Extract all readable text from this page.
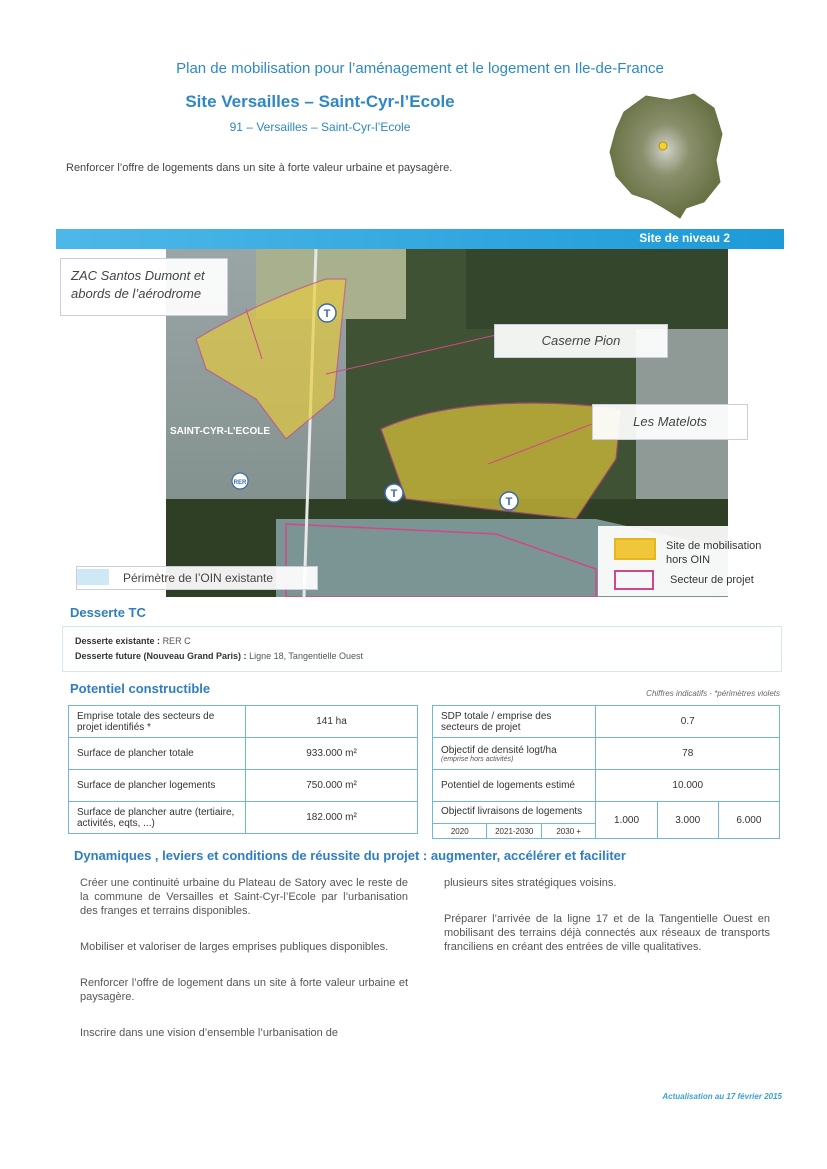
Plan de mobilisation pour l’aménagement et le logement en Ile-de-France
Site Versailles – Saint-Cyr-l’Ecole
91 – Versailles – Saint-Cyr-l’Ecole
Renforcer l’offre de logements dans un site à forte valeur urbaine et paysagère.
Site de niveau 2
T
T
T
RER
SAINT-CYR-L’ECOLE
ZAC Santos Dumont et
abords de l’aérodrome
Caserne Pion
Les Matelots
Périmètre de l’OIN existante
Site de mobilisation
hors OIN
Secteur de projet
Desserte TC
Desserte existante : RER C
Desserte future (Nouveau Grand Paris) : Ligne 18, Tangentielle Ouest
Potentiel constructible	Chiffres indicatifs - *périmètres violets
Emprise totale des secteurs de projet identifiés *	141 ha
Surface de plancher totale	933.000 m²
Surface de plancher logements	750.000 m²
Surface de plancher autre (tertiaire, activités, eqts, ...)	182.000 m²
SDP totale / emprise des secteurs de projet	0.7		

Objectif de densité logt/ha
(emprise hors activités)	78		
Potentiel de logements estimé	10.000		

Objectif livraisons de logements
2020 2021-2030 2030 +	1.000	3.000	6.000
Dynamiques , leviers et conditions de réussite du projet : augmenter, accélérer et faciliter

Créer une continuité urbaine du Plateau de Satory avec le reste de la commune de Versailles et Saint-Cyr-l’Ecole par l’urbanisation des franges et terrains disponibles.

Mobiliser et valoriser de larges emprises publiques disponibles.

Renforcer l’offre de logement dans un site à forte valeur urbaine et paysagère.

Inscrire dans une vision d’ensemble l’urbanisation de

plusieurs sites stratégiques voisins.

Préparer l’arrivée de la ligne 17 et de la Tangentielle Ouest en mobilisant des terrains déjà connectés aux réseaux de transports franciliens en créant des entrées de ville qualitatives.

Actualisation au 17 février 2015
